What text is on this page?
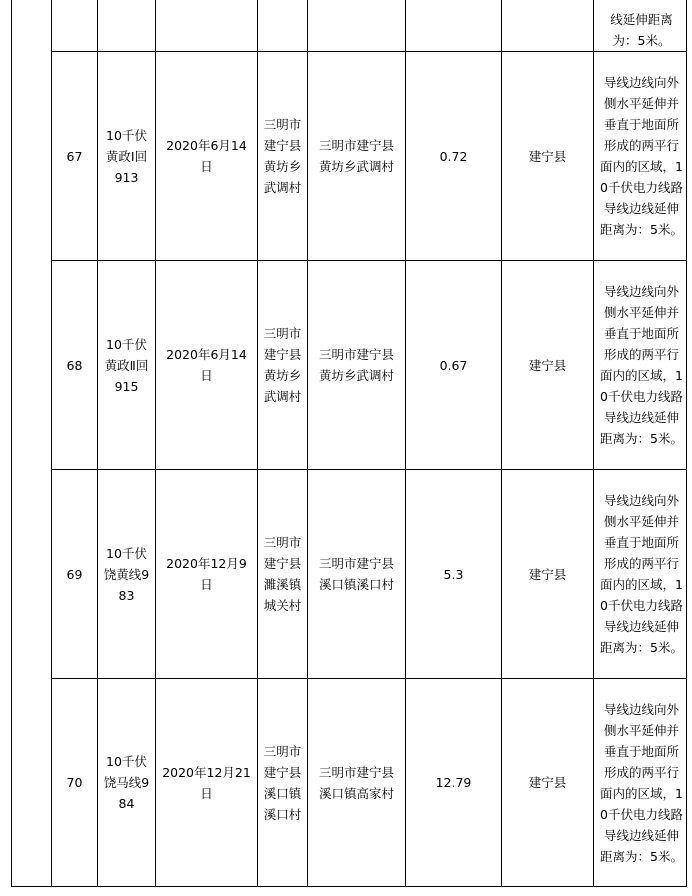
								线延伸距离为：5米。
	67	10千伏黄政Ⅰ回913	2020年6月14日	三明市建宁县黄坊乡武调村	三明市建宁县黄坊乡武调村	0.72	建宁县	导线边线向外侧水平延伸并垂直于地面所形成的两平行面内的区域，10千伏电力线路导线边线延伸距离为：5米。
	68	10千伏黄政Ⅱ回915	2020年6月14日	三明市建宁县黄坊乡武调村	三明市建宁县黄坊乡武调村	0.67	建宁县	导线边线向外侧水平延伸并垂直于地面所形成的两平行面内的区域，10千伏电力线路导线边线延伸距离为：5米。
	69	10千伏饶黄线983	2020年12月9日	三明市建宁县濉溪镇城关村	三明市建宁县溪口镇溪口村	5.3	建宁县	导线边线向外侧水平延伸并垂直于地面所形成的两平行面内的区域，10千伏电力线路导线边线延伸距离为：5米。
	70	10千伏饶马线984	2020年12月21日	三明市建宁县溪口镇溪口村	三明市建宁县溪口镇高家村	12.79	建宁县	导线边线向外侧水平延伸并垂直于地面所形成的两平行面内的区域，10千伏电力线路导线边线延伸距离为：5米。
